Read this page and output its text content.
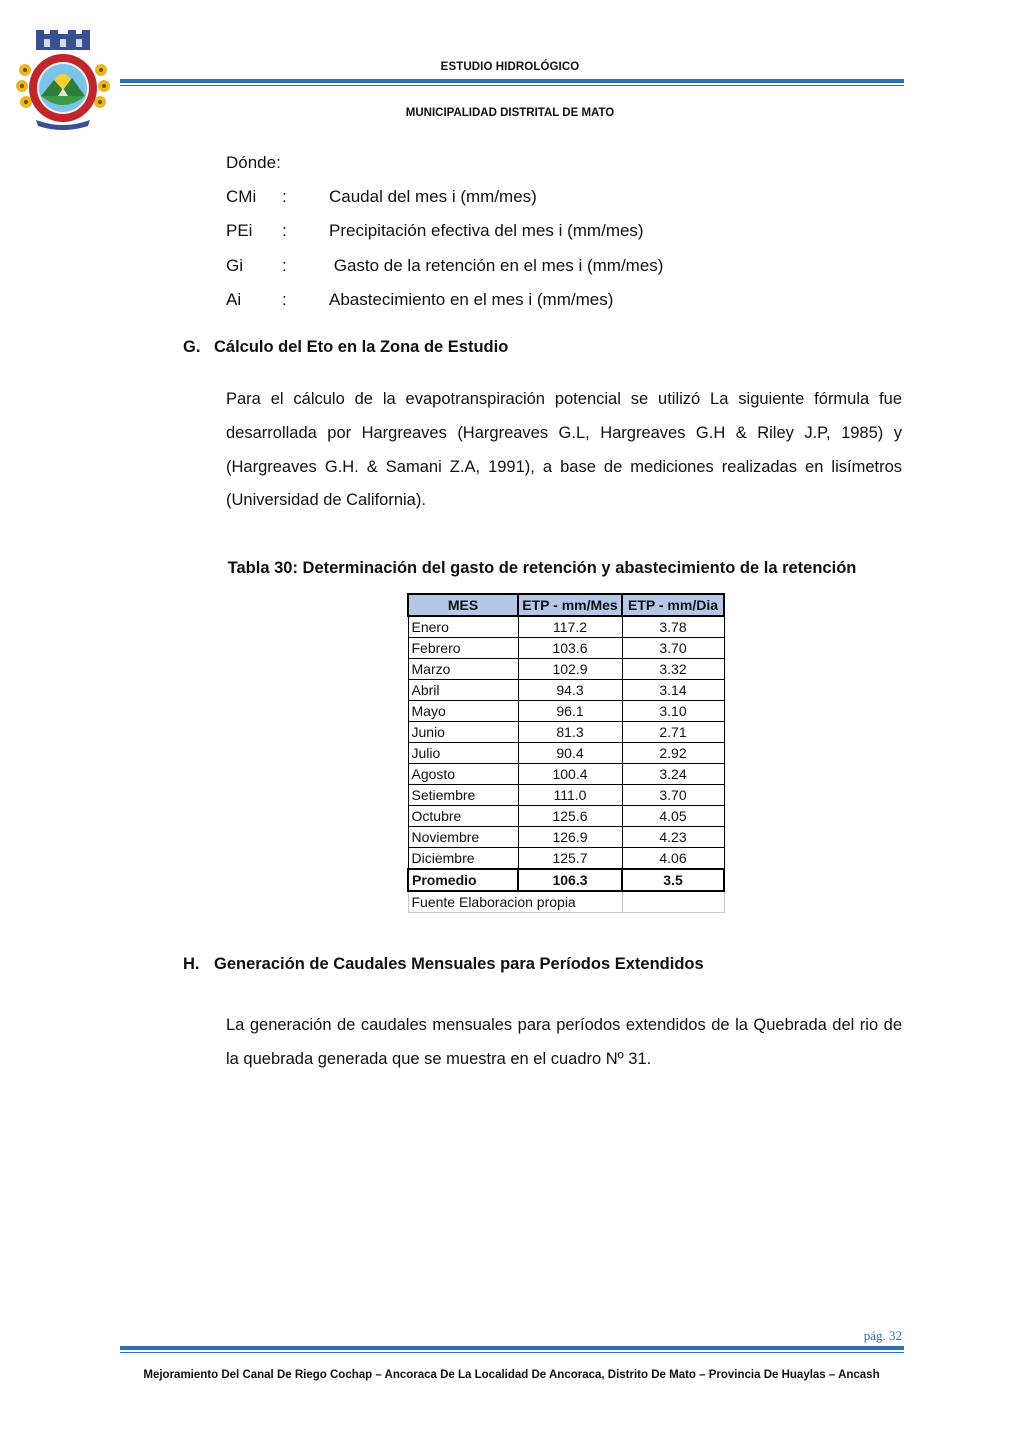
ESTUDIO HIDROLÓGICO
MUNICIPALIDAD DISTRITAL DE MATO
Dónde:
CMi : Caudal del mes i (mm/mes)
PEi : Precipitación efectiva del mes i (mm/mes)
Gi : Gasto de la retención en el mes i (mm/mes)
Ai : Abastecimiento en el mes i (mm/mes)
G. Cálculo del Eto en la Zona de Estudio
Para el cálculo de la evapotranspiración potencial se utilizó La siguiente fórmula fue desarrollada por Hargreaves (Hargreaves G.L, Hargreaves G.H & Riley J.P, 1985) y (Hargreaves G.H. & Samani Z.A, 1991), a base de mediciones realizadas en lisímetros (Universidad de California).
Tabla 30: Determinación del gasto de retención y abastecimiento de la retención
MES	ETP - mm/Mes	ETP - mm/Dia
Enero	117.2	3.78
Febrero	103.6	3.70
Marzo	102.9	3.32
Abril	94.3	3.14
Mayo	96.1	3.10
Junio	81.3	2.71
Julio	90.4	2.92
Agosto	100.4	3.24
Setiembre	111.0	3.70
Octubre	125.6	4.05
Noviembre	126.9	4.23
Diciembre	125.7	4.06
Promedio	106.3	3.5
Fuente Elaboracion propia		
H. Generación de Caudales Mensuales para Períodos Extendidos
La generación de caudales mensuales para períodos extendidos de la Quebrada del rio de la quebrada generada que se muestra en el cuadro Nº 31.
pág. 32
Mejoramiento Del Canal De Riego Cochap – Ancoraca De La Localidad De Ancoraca, Distrito De Mato – Provincia De Huaylas – Ancash
